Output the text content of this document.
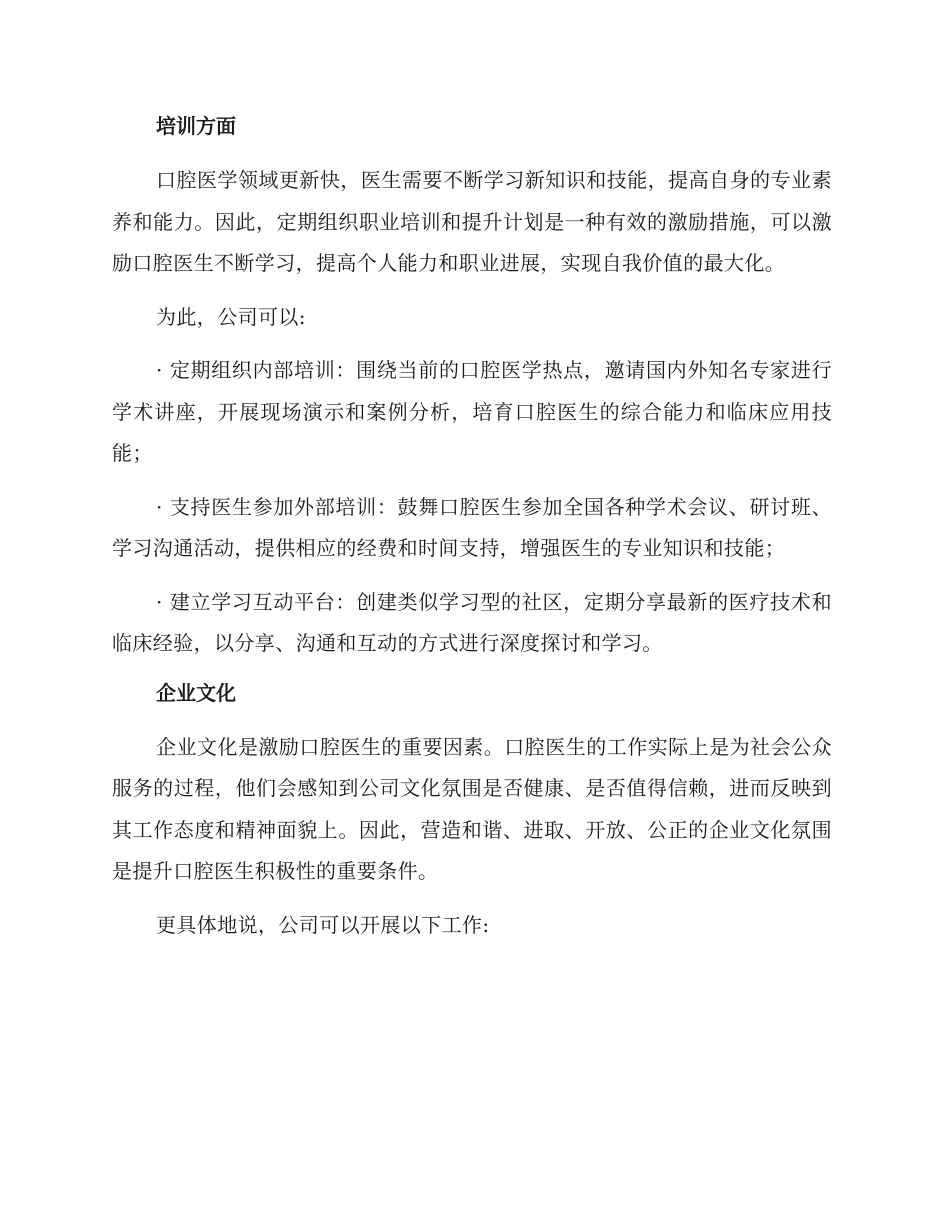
培训方面

口腔医学领域更新快，医生需要不断学习新知识和技能，提高自身的专业素养和能力。因此，定期组织职业培训和提升计划是一种有效的激励措施，可以激励口腔医生不断学习，提高个人能力和职业进展，实现自我价值的最大化。

为此，公司可以:

· 定期组织内部培训：围绕当前的口腔医学热点，邀请国内外知名专家进行学术讲座，开展现场演示和案例分析，培育口腔医生的综合能力和临床应用技能；

· 支持医生参加外部培训：鼓舞口腔医生参加全国各种学术会议、研讨班、学习沟通活动，提供相应的经费和时间支持，增强医生的专业知识和技能；

· 建立学习互动平台：创建类似学习型的社区，定期分享最新的医疗技术和临床经验，以分享、沟通和互动的方式进行深度探讨和学习。

企业文化

企业文化是激励口腔医生的重要因素。口腔医生的工作实际上是为社会公众服务的过程，他们会感知到公司文化氛围是否健康、是否值得信赖，进而反映到其工作态度和精神面貌上。因此，营造和谐、进取、开放、公正的企业文化氛围是提升口腔医生积极性的重要条件。

更具体地说，公司可以开展以下工作:
